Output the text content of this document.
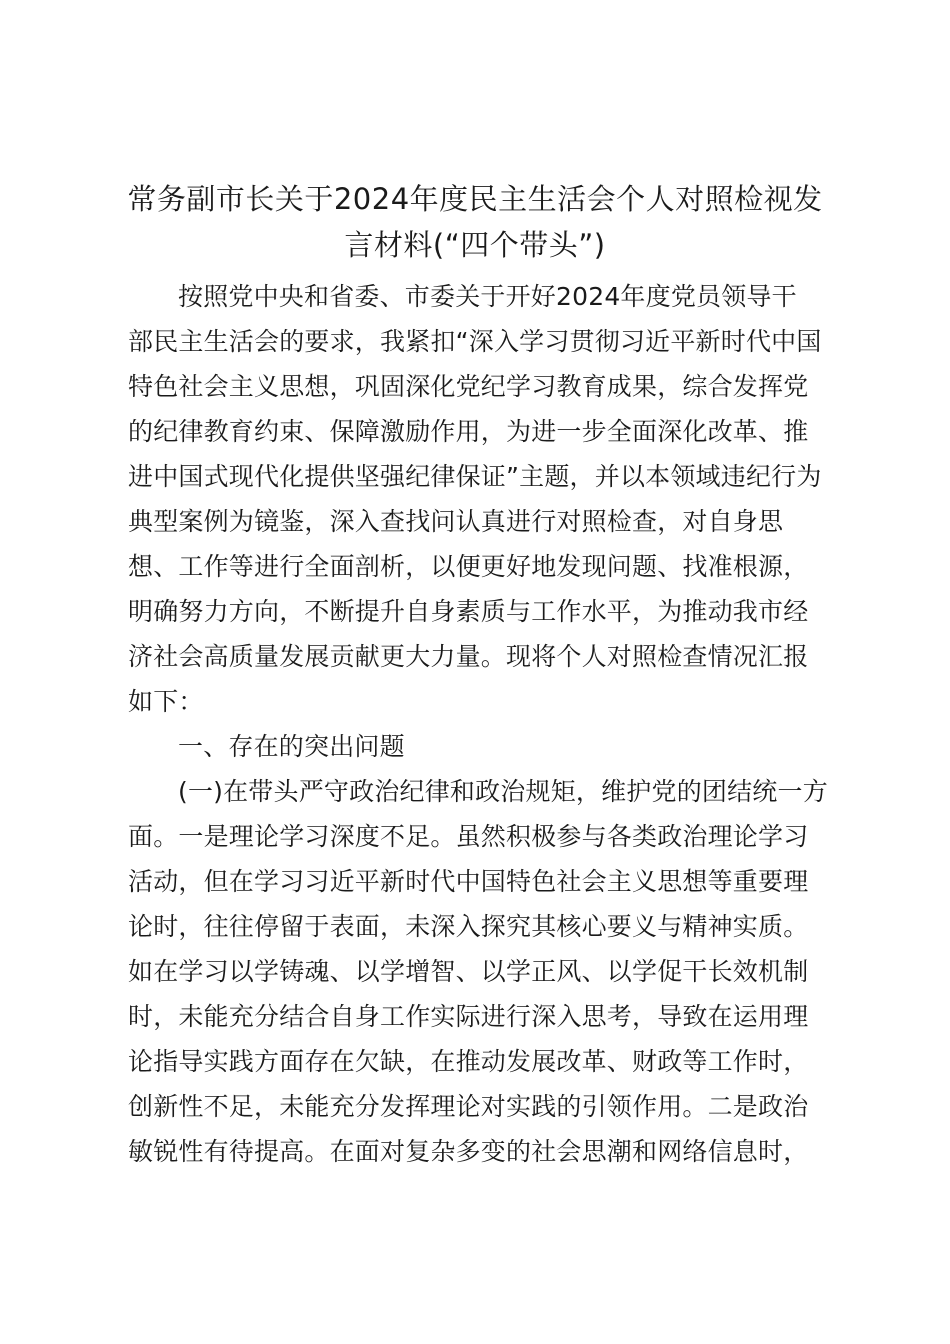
常务副市长关于2024年度民主生活会个人对照检视发
言材料(“四个带头”)
按照党中央和省委、市委关于开好2024年度党员领导干
部民主生活会的要求，我紧扣“深入学习贯彻习近平新时代中国
特色社会主义思想，巩固深化党纪学习教育成果，综合发挥党
的纪律教育约束、保障激励作用，为进一步全面深化改革、推
进中国式现代化提供坚强纪律保证”主题，并以本领域违纪行为
典型案例为镜鉴，深入查找问认真进行对照检查，对自身思
想、工作等进行全面剖析，以便更好地发现问题、找准根源，
明确努力方向，不断提升自身素质与工作水平，为推动我市经
济社会高质量发展贡献更大力量。现将个人对照检查情况汇报
如下：
一、存在的突出问题
(一)在带头严守政治纪律和政治规矩，维护党的团结统一方
面。一是理论学习深度不足。虽然积极参与各类政治理论学习
活动，但在学习习近平新时代中国特色社会主义思想等重要理
论时，往往停留于表面，未深入探究其核心要义与精神实质。
如在学习以学铸魂、以学增智、以学正风、以学促干长效机制
时，未能充分结合自身工作实际进行深入思考，导致在运用理
论指导实践方面存在欠缺，在推动发展改革、财政等工作时，
创新性不足，未能充分发挥理论对实践的引领作用。二是政治
敏锐性有待提高。在面对复杂多变的社会思潮和网络信息时，
